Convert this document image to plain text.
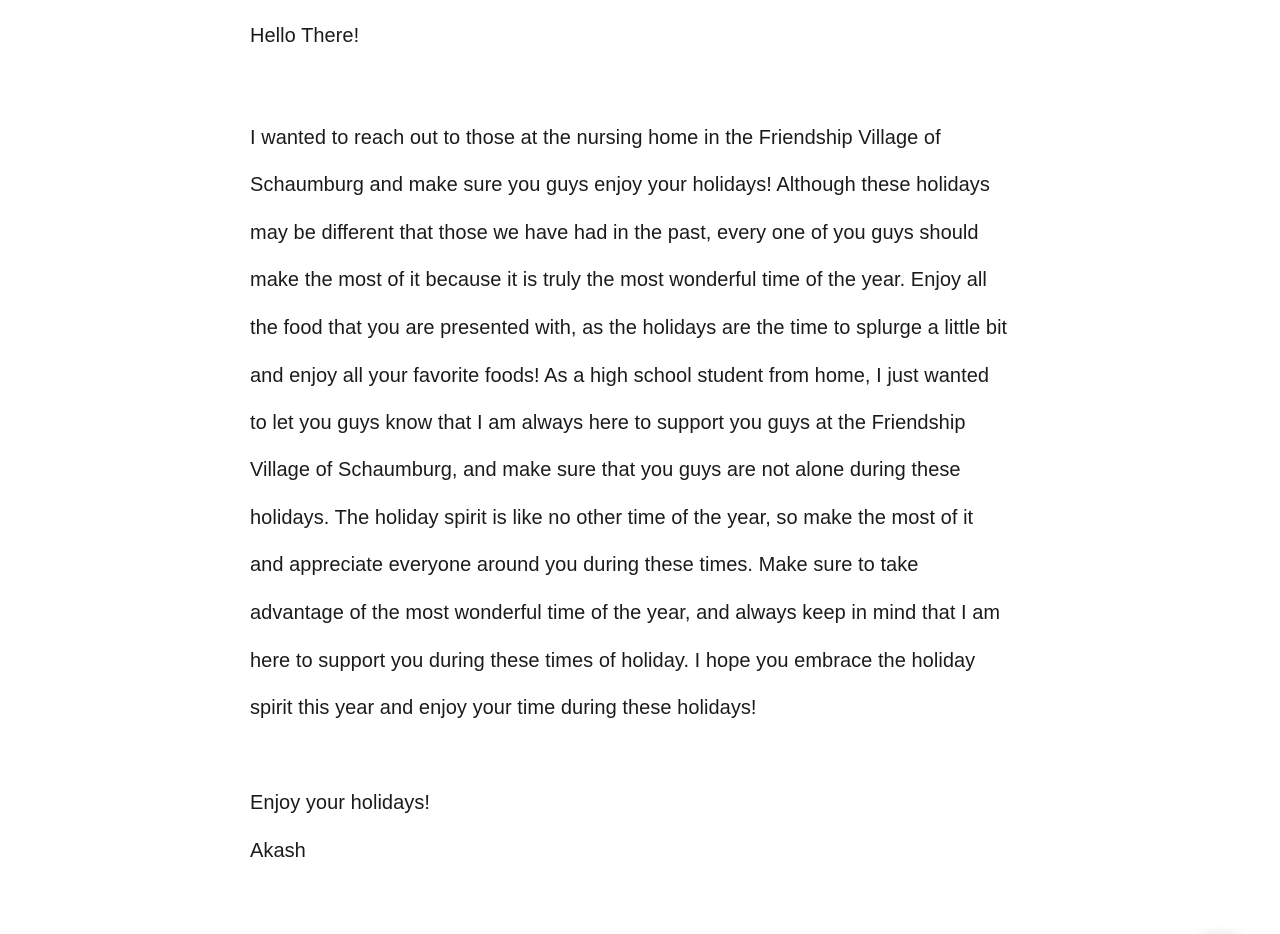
Hello There!
I wanted to reach out to those at the nursing home in the Friendship Village of
Schaumburg and make sure you guys enjoy your holidays! Although these holidays
may be different that those we have had in the past, every one of you guys should
make the most of it because it is truly the most wonderful time of the year. Enjoy all
the food that you are presented with, as the holidays are the time to splurge a little bit
and enjoy all your favorite foods! As a high school student from home, I just wanted
to let you guys know that I am always here to support you guys at the Friendship
Village of Schaumburg, and make sure that you guys are not alone during these
holidays. The holiday spirit is like no other time of the year, so make the most of it
and appreciate everyone around you during these times. Make sure to take
advantage of the most wonderful time of the year, and always keep in mind that I am
here to support you during these times of holiday. I hope you embrace the holiday
spirit this year and enjoy your time during these holidays!
Enjoy your holidays!
Akash
